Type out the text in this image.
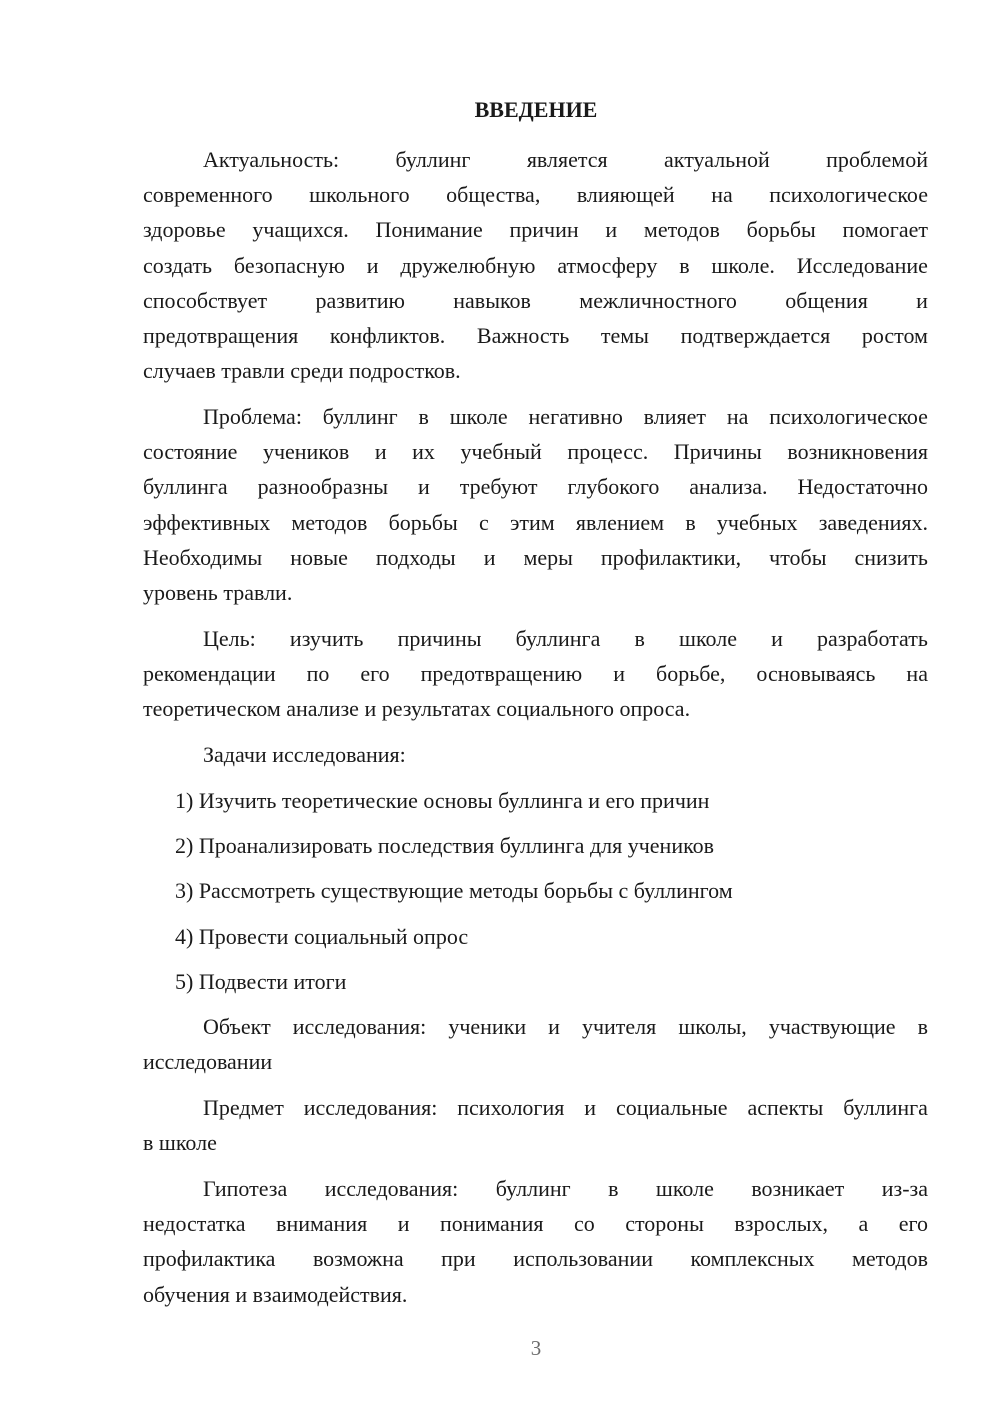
ВВЕДЕНИЕ
Актуальность:	буллинг	является	актуальной	проблемой
современного школьного общества, влияющей на психологическое
здоровье учащихся. Понимание причин и методов борьбы помогает
создать безопасную и дружелюбную атмосферу в школе. Исследование
способствует развитию навыков межличностного общения и
предотвращения конфликтов. Важность темы подтверждается ростом
случаев травли среди подростков.
Проблема: буллинг в школе негативно влияет на психологическое
состояние учеников и их учебный процесс. Причины возникновения
буллинга разнообразны и требуют глубокого анализа. Недостаточно
эффективных методов борьбы с этим явлением в учебных заведениях.
Необходимы новые подходы и меры профилактики, чтобы снизить
уровень травли.
Цель: изучить причины буллинга в школе и разработать
рекомендации по его предотвращению и борьбе, основываясь на
теоретическом анализе и результатах социального опроса.

Задачи исследования:

1) Изучить теоретические основы буллинга и его причин

2) Проанализировать последствия буллинга для учеников

3) Рассмотреть существующие методы борьбы с буллингом

4) Провести социальный опрос

5) Подвести итоги

Объект исследования: ученики и учителя школы, участвующие в
исследовании
Предмет исследования: психология и социальные аспекты буллинга
в школе
Гипотеза исследования: буллинг в школе возникает из-за
недостатка внимания и понимания со стороны взрослых, а его
профилактика возможна при использовании комплексных методов
обучения и взаимодействия.
3
